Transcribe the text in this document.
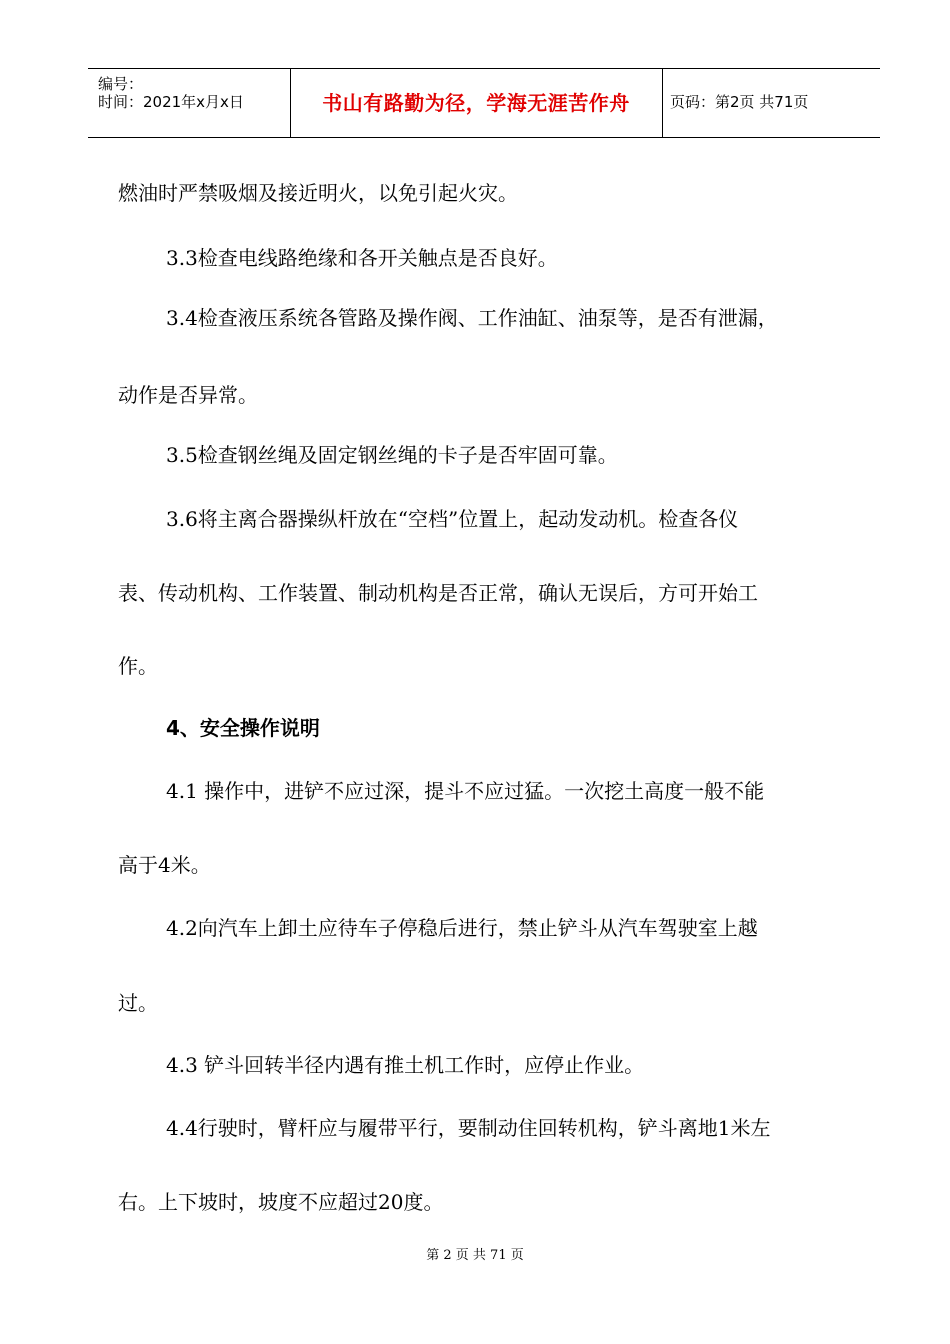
编号：
时间：2021年x月x日	书山有路勤为径，学海无涯苦作舟	页码：第2页 共71页
燃油时严禁吸烟及接近明火，以免引起火灾。
3.3检查电线路绝缘和各开关触点是否良好。
3.4检查液压系统各管路及操作阀、工作油缸、油泵等，是否有泄漏，
动作是否异常。
3.5检查钢丝绳及固定钢丝绳的卡子是否牢固可靠。
3.6将主离合器操纵杆放在“空档”位置上，起动发动机。检查各仪
表、传动机构、工作装置、制动机构是否正常，确认无误后，方可开始工
作。
4、安全操作说明
4.1 操作中，进铲不应过深，提斗不应过猛。一次挖土高度一般不能
高于4米。
4.2向汽车上卸土应待车子停稳后进行，禁止铲斗从汽车驾驶室上越
过。
4.3 铲斗回转半径内遇有推土机工作时，应停止作业。
4.4行驶时，臂杆应与履带平行，要制动住回转机构，铲斗离地1米左
右。上下坡时，坡度不应超过20度。
第 2 页 共 71 页
